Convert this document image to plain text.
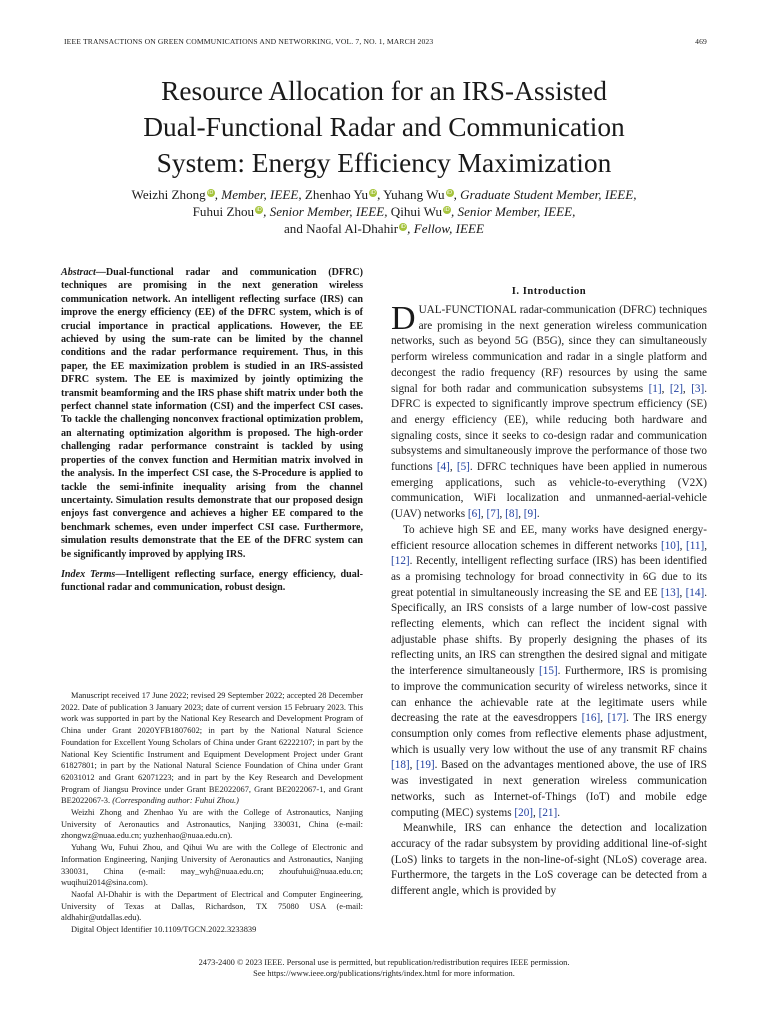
IEEE TRANSACTIONS ON GREEN COMMUNICATIONS AND NETWORKING, VOL. 7, NO. 1, MARCH 2023	469
Resource Allocation for an IRS-Assisted
Dual-Functional Radar and Communication
System: Energy Efficiency Maximization
Weizhi Zhong iD, Member, IEEE, Zhenhao Yu iD, Yuhang Wu iD, Graduate Student Member, IEEE,
Fuhui Zhou iD, Senior Member, IEEE, Qihui Wu iD, Senior Member, IEEE,
and Naofal Al-Dhahir iD, Fellow, IEEE

Abstract—Dual-functional radar and communication (DFRC) techniques are promising in the next generation wireless communication network. An intelligent reflecting surface (IRS) can improve the energy efficiency (EE) of the DFRC system, which is of crucial importance in practical applications. However, the EE achieved by using the sum-rate can be limited by the channel conditions and the radar performance requirement. Thus, in this paper, the EE maximization problem is studied in an IRS-assisted DFRC system. The EE is maximized by jointly optimizing the transmit beamforming and the IRS phase shift matrix under both the perfect channel state information (CSI) and the imperfect CSI cases. To tackle the challenging nonconvex fractional optimization problem, an alternating optimization algorithm is proposed. The high-order challenging radar performance constraint is tackled by using properties of the convex function and Hermitian matrix involved in the analysis. In the imperfect CSI case, the S-Procedure is applied to tackle the semi-infinite inequality arising from the channel uncertainty. Simulation results demonstrate that our proposed design enjoys fast convergence and achieves a higher EE compared to the benchmark schemes, even under imperfect CSI case. Furthermore, simulation results demonstrate that the EE of the DFRC system can be significantly improved by applying IRS.

Index Terms—Intelligent reflecting surface, energy efficiency, dual-functional radar and communication, robust design.

Manuscript received 17 June 2022; revised 29 September 2022; accepted 28 December 2022. Date of publication 3 January 2023; date of current version 15 February 2023. This work was supported in part by the National Key Research and Development Program of China under Grant 2020YFB1807602; in part by the National Natural Science Foundation for Excellent Young Scholars of China under Grant 62222107; in part by the National Key Scientific Instrument and Equipment Development Project under Grant 61827801; in part by the National Natural Science Foundation of China under Grant 62031012 and Grant 62071223; and in part by the Key Research and Development Program of Jiangsu Province under Grant BE2022067, Grant BE2022067-1, and Grant BE2022067-3. (Corresponding author: Fuhui Zhou.)

Weizhi Zhong and Zhenhao Yu are with the College of Astronautics, Nanjing University of Aeronautics and Astronautics, Nanjing 330031, China (e-mail: zhongwz@nuaa.edu.cn; yuzhenhao@nuaa.edu.cn).

Yuhang Wu, Fuhui Zhou, and Qihui Wu are with the College of Electronic and Information Engineering, Nanjing University of Aeronautics and Astronautics, Nanjing 330031, China (e-mail: may_wyh@nuaa.edu.cn; zhoufuhui@nuaa.edu.cn; wuqihui2014@sina.com).

Naofal Al-Dhahir is with the Department of Electrical and Computer Engineering, University of Texas at Dallas, Richardson, TX 75080 USA (e-mail: aldhahir@utdallas.edu).

Digital Object Identifier 10.1109/TGCN.2022.3233839

I. Introduction

DUAL-FUNCTIONAL radar-communication (DFRC) techniques are promising in the next generation wireless communication networks, such as beyond 5G (B5G), since they can simultaneously perform wireless communication and radar in a single platform and decongest the radio frequency (RF) resources by using the same signal for both radar and communication subsystems [1], [2], [3]. DFRC is expected to significantly improve spectrum efficiency (SE) and energy efficiency (EE), while reducing both hardware and signaling costs, since it seeks to co-design radar and communication subsystems and simultaneously improve the performance of those two functions [4], [5]. DFRC techniques have been applied in numerous emerging applications, such as vehicle-to-everything (V2X) communication, WiFi localization and unmanned-aerial-vehicle (UAV) networks [6], [7], [8], [9].

To achieve high SE and EE, many works have designed energy-efficient resource allocation schemes in different networks [10], [11], [12]. Recently, intelligent reflecting surface (IRS) has been identified as a promising technology for broad connectivity in 6G due to its great potential in simultaneously increasing the SE and EE [13], [14]. Specifically, an IRS consists of a large number of low-cost passive reflecting elements, which can reflect the incident signal with adjustable phase shifts. By properly designing the phases of its reflecting units, an IRS can strengthen the desired signal and mitigate the interference simultaneously [15]. Furthermore, IRS is promising to improve the communication security of wireless networks, since it can enhance the achievable rate at the legitimate users while decreasing the rate at the eavesdroppers [16], [17]. The IRS energy consumption only comes from reflective elements phase adjustment, which is usually very low without the use of any transmit RF chains [18], [19]. Based on the advantages mentioned above, the use of IRS was investigated in next generation wireless communication networks, such as Internet-of-Things (IoT) and mobile edge computing (MEC) systems [20], [21].

Meanwhile, IRS can enhance the detection and localization accuracy of the radar subsystem by providing additional line-of-sight (LoS) links to targets in the non-line-of-sight (NLoS) coverage area. Furthermore, the targets in the LoS coverage can be detected from a different angle, which is provided by

2473-2400 © 2023 IEEE. Personal use is permitted, but republication/redistribution requires IEEE permission.
See https://www.ieee.org/publications/rights/index.html for more information.
